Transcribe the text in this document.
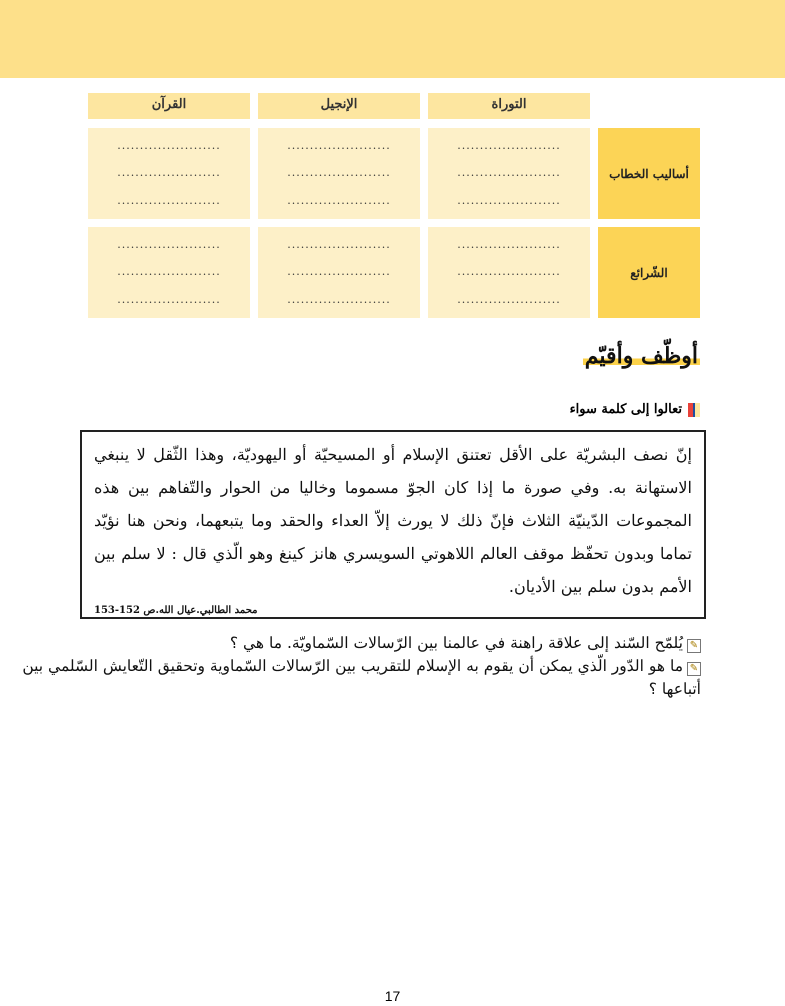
القرآن	الإنجيل	التوراة
أساليب الخطاب
الشّرائع
.......................
.......................
.......................
.......................
.......................
.......................
.......................
.......................
.......................
.......................
.......................
.......................
.......................
.......................
.......................
.......................
.......................
.......................
أوظّف وأقيّم
تعالوا إلى كلمة سواء
إنّ نصف البشريّة على الأقل تعتنق الإسلام أو المسيحيّة أو اليهوديّة، وهذا الثّقل لا ينبغي الاستهانة به. وفي صورة ما إذا كان الجوّ مسموما وخاليا من الحوار والتّفاهم بين هذه المجموعات الدّينيّة الثلاث فإنّ ذلك لا يورث إلاّ العداء والحقد وما يتبعهما، ونحن هنا نؤيّد تماما وبدون تحفّظ موقف العالم اللاهوتي السويسري هانز كينغ وهو الّذي قال : لا سلم بين الأمم بدون سلم بين الأديان.
محمد الطالبي.عيال الله.ص 152-153
✎يُلمّح السّند إلى علاقة راهنة في عالمنا بين الرّسالات السّماويّة. ما هي ؟
✎ما هو الدّور الّذي يمكن أن يقوم به الإسلام للتقريب بين الرّسالات السّماوية وتحقيق التّعايش السّلمي بين أتباعها ؟
17
